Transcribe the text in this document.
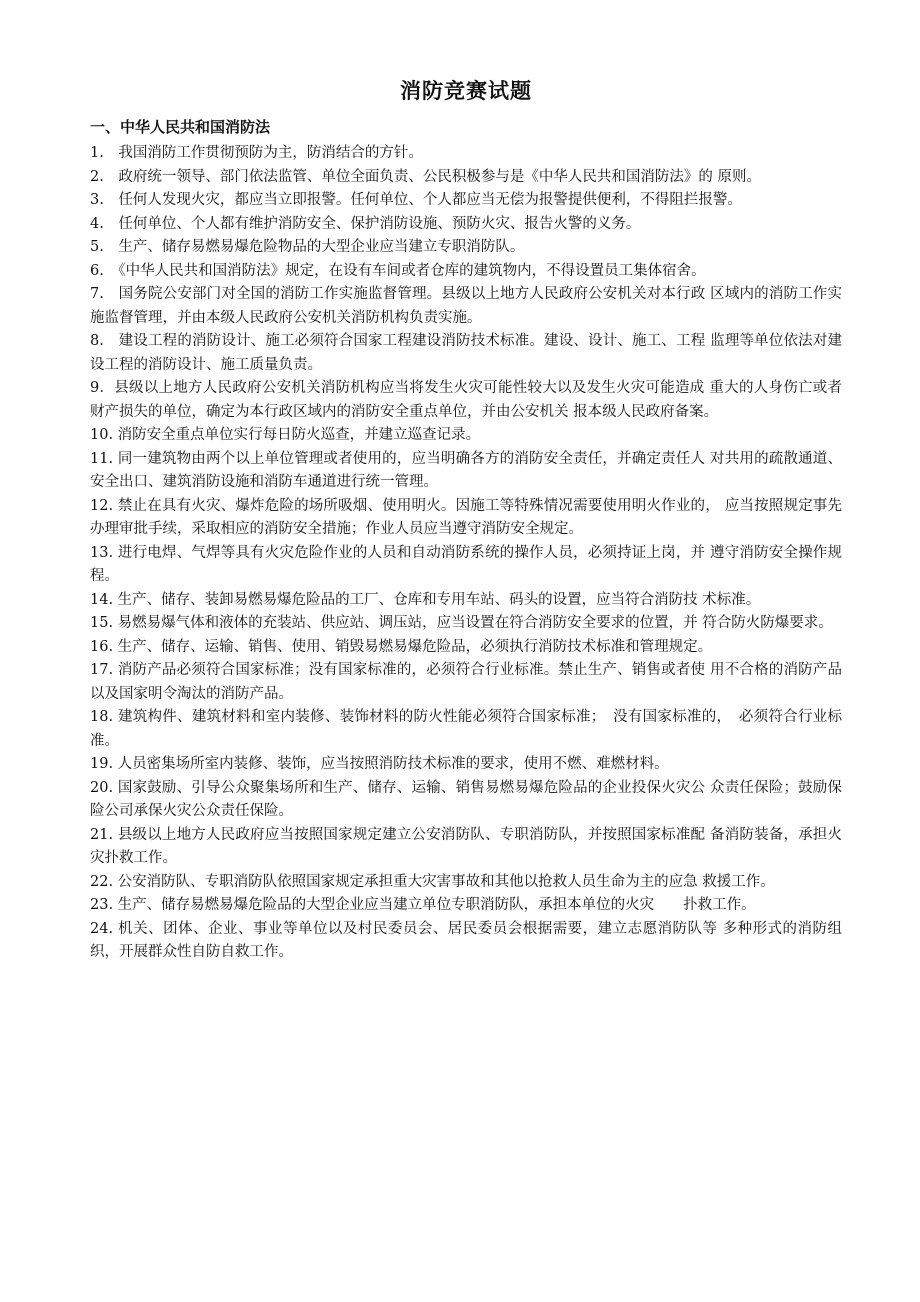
消防竞赛试题
一、中华人民共和国消防法

1.　我国消防工作贯彻预防为主，防消结合的方针。

2.　政府统一领导、部门依法监管、单位全面负责、公民积极参与是《中华人民共和国消防法》的 原则。

3.　任何人发现火灾，都应当立即报警。任何单位、个人都应当无偿为报警提供便利，不得阻拦报警。

4.　任何单位、个人都有维护消防安全、保护消防设施、预防火灾、报告火警的义务。

5.　生产、储存易燃易爆危险物品的大型企业应当建立专职消防队。

6.　《中华人民共和国消防法》规定，在设有车间或者仓库的建筑物内，不得设置员工集体宿舍。

7.　国务院公安部门对全国的消防工作实施监督管理。县级以上地方人民政府公安机关对本行政 区域内的消防工作实施监督管理，并由本级人民政府公安机关消防机构负责实施。

8.　建设工程的消防设计、施工必须符合国家工程建设消防技术标准。建设、设计、施工、工程 监理等单位依法对建设工程的消防设计、施工质量负责。

9．县级以上地方人民政府公安机关消防机构应当将发生火灾可能性较大以及发生火灾可能造成 重大的人身伤亡或者财产损失的单位，确定为本行政区域内的消防安全重点单位，并由公安机关 报本级人民政府备案。

10. 消防安全重点单位实行每日防火巡查，并建立巡查记录。

11. 同一建筑物由两个以上单位管理或者使用的，应当明确各方的消防安全责任，并确定责任人 对共用的疏散通道、安全出口、建筑消防设施和消防车通道进行统一管理。

12. 禁止在具有火灾、爆炸危险的场所吸烟、使用明火。因施工等特殊情况需要使用明火作业的， 应当按照规定事先办理审批手续，采取相应的消防安全措施；作业人员应当遵守消防安全规定。

13. 进行电焊、气焊等具有火灾危险作业的人员和自动消防系统的操作人员，必须持证上岗，并 遵守消防安全操作规程。

14. 生产、储存、装卸易燃易爆危险品的工厂、仓库和专用车站、码头的设置，应当符合消防技 术标准。

15. 易燃易爆气体和液体的充装站、供应站、调压站，应当设置在符合消防安全要求的位置，并 符合防火防爆要求。

16. 生产、储存、运输、销售、使用、销毁易燃易爆危险品，必须执行消防技术标准和管理规定。

17. 消防产品必须符合国家标准；没有国家标准的，必须符合行业标准。禁止生产、销售或者使 用不合格的消防产品以及国家明令淘汰的消防产品。

18. 建筑构件、建筑材料和室内装修、装饰材料的防火性能必须符合国家标准；　没有国家标准的，　必须符合行业标准。

19. 人员密集场所室内装修、装饰，应当按照消防技术标准的要求，使用不燃、难燃材料。

20. 国家鼓励、引导公众聚集场所和生产、储存、运输、销售易燃易爆危险品的企业投保火灾公 众责任保险；鼓励保险公司承保火灾公众责任保险。

21. 县级以上地方人民政府应当按照国家规定建立公安消防队、专职消防队，并按照国家标准配 备消防装备，承担火灾扑救工作。

22. 公安消防队、专职消防队依照国家规定承担重大灾害事故和其他以抢救人员生命为主的应急 救援工作。

23. 生产、储存易燃易爆危险品的大型企业应当建立单位专职消防队，承担本单位的火灾　　扑救工作。

24. 机关、团体、企业、事业等单位以及村民委员会、居民委员会根据需要，建立志愿消防队等 多种形式的消防组织，开展群众性自防自救工作。
